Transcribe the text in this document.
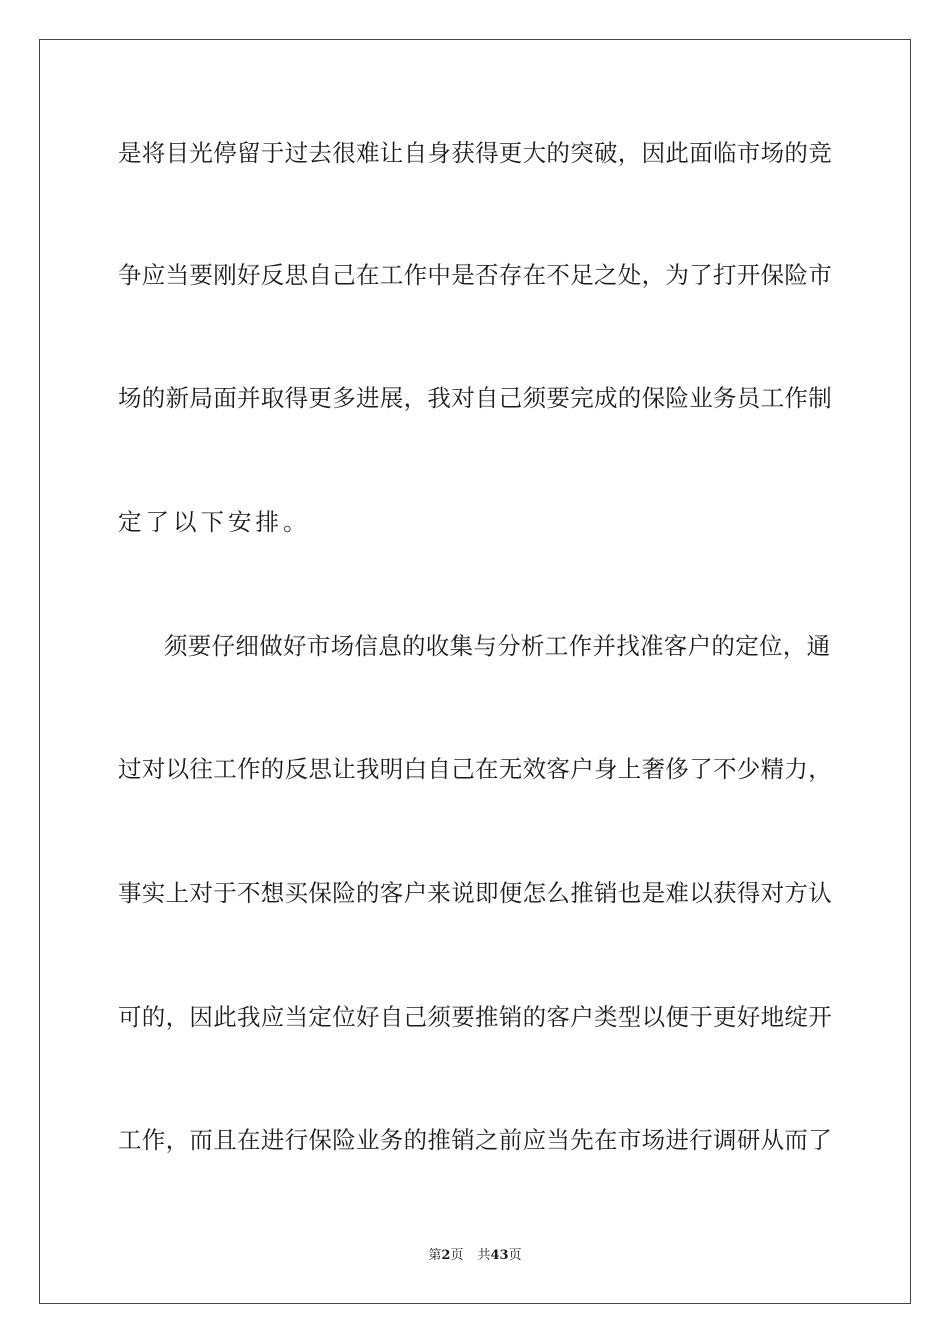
是将目光停留于过去很难让自身获得更大的突破，因此面临市场的竞
争应当要刚好反思自己在工作中是否存在不足之处，为了打开保险市
场的新局面并取得更多进展，我对自己须要完成的保险业务员工作制
定了以下安排。
须要仔细做好市场信息的收集与分析工作并找准客户的定位，通
过对以往工作的反思让我明白自己在无效客户身上奢侈了不少精力，
事实上对于不想买保险的客户来说即便怎么推销也是难以获得对方认
可的，因此我应当定位好自己须要推销的客户类型以便于更好地绽开
工作，而且在进行保险业务的推销之前应当先在市场进行调研从而了
第2页 共43页
